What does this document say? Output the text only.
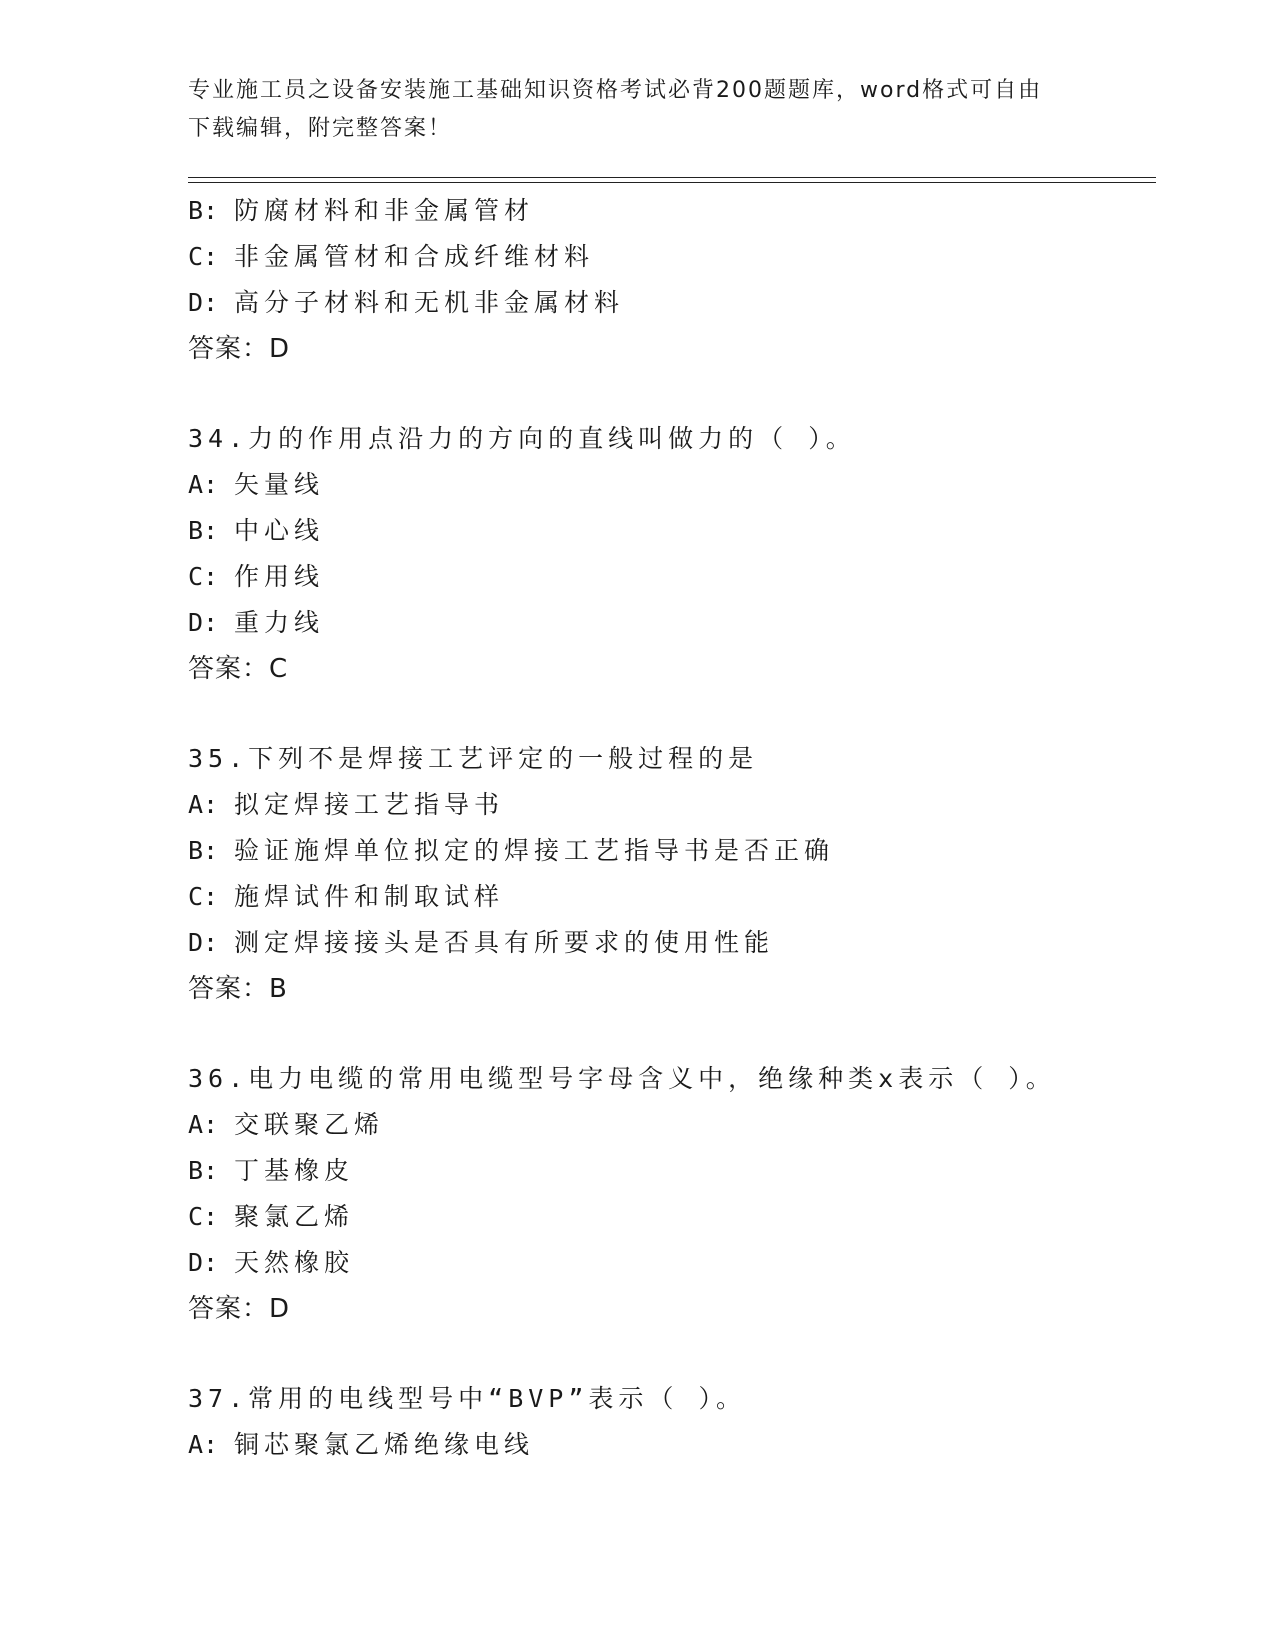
专业施工员之设备安装施工基础知识资格考试必背200题题库，word格式可自由
下载编辑，附完整答案！
B: 防腐材料和非金属管材
C: 非金属管材和合成纤维材料
D: 高分子材料和无机非金属材料
答案：D
34.力的作用点沿力的方向的直线叫做力的（ ）。
A: 矢量线
B: 中心线
C: 作用线
D: 重力线
答案：C
35.下列不是焊接工艺评定的一般过程的是
A: 拟定焊接工艺指导书
B: 验证施焊单位拟定的焊接工艺指导书是否正确
C: 施焊试件和制取试样
D: 测定焊接接头是否具有所要求的使用性能
答案：B
36.电力电缆的常用电缆型号字母含义中，绝缘种类x表示（ ）。
A: 交联聚乙烯
B: 丁基橡皮
C: 聚氯乙烯
D: 天然橡胶
答案：D
37.常用的电线型号中“BVP”表示（ ）。
A: 铜芯聚氯乙烯绝缘电线
